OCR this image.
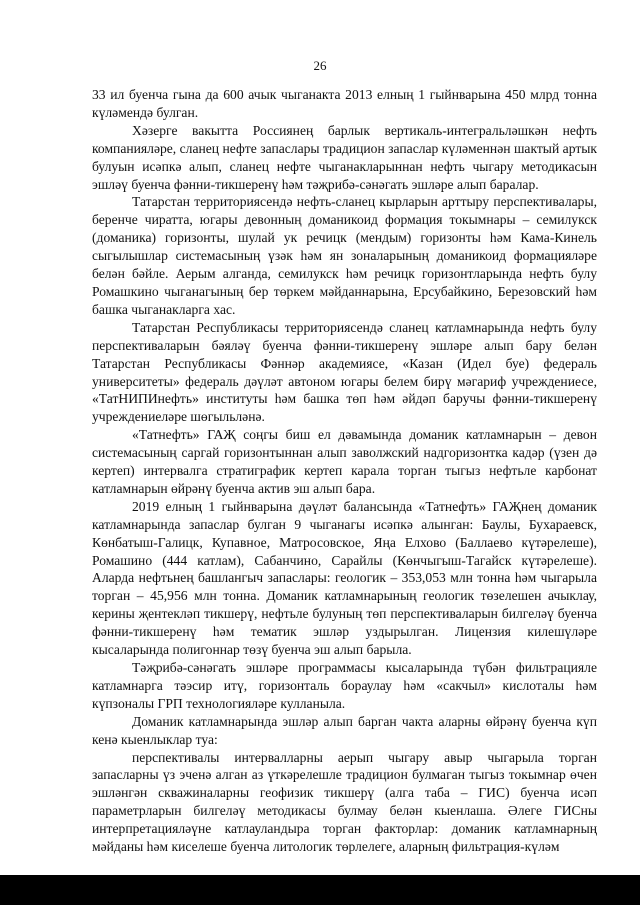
26

33 ил буенча гына да 600 ачык чыганакта 2013 елның 1 гыйнварына 450 млрд тонна күләмендә булган.

Хәзерге вакытта Россиянең барлык вертикаль-интегральләшкән нефть компанияләре, сланец нефте запаслары традицион запаслар күләменнән шактый артык булуын исәпкә алып, сланец нефте чыганакларыннан нефть чыгару методикасын эшләү буенча фәнни-тикшеренү һәм тәҗрибә-сәнәгать эшләре алып баралар.

Татарстан территориясендә нефть-сланец кырларын арттыру перспективалары, беренче чиратта, югары девонның доманикоид формация токымнары – семилукск (доманика) горизонты, шулай ук речицк (мендым) горизонты һәм Кама-Кинель сыгылышлар системасының үзәк һәм ян зоналарының доманикоид формацияләре белән бәйле. Аерым алганда, семилукск һәм речицк горизонтларында нефть булу Ромашкино чыганагының бер төркем мәйданнарына, Ерсубайкино, Березовский һәм башка чыганакларга хас.

Татарстан Республикасы территориясендә сланец катламнарында нефть булу перспективаларын бәяләү буенча фәнни-тикшеренү эшләре алып бару белән Татарстан Республикасы Фәннәр академиясе, «Казан (Идел буе) федераль университеты» федераль дәүләт автоном югары белем бирү мәгариф учреждениесе, «ТатНИПИнефть» институты һәм башка төп һәм әйдәп баручы фәнни-тикшеренү учреждениеләре шөгыльләнә.

«Татнефть» ГАҖ соңгы биш ел дәвамында доманик катламнарын – девон системасының саргай горизонтыннан алып заволжский надгоризонтка кадәр (үзен дә кертеп) интервалга стратиграфик кертеп карала торган тыгыз нефтьле карбонат катламнарын өйрәнү буенча актив эш алып бара.

2019 елның 1 гыйнварына дәүләт балансында «Татнефть» ГАҖнең доманик катламнарында запаслар булган 9 чыганагы исәпкә алынган: Баулы, Бухараевск, Көнбатыш-Галицк, Купавное, Матросовское, Яңа Елхово (Баллаево күтәрелеше), Ромашино (444 катлам), Сабанчино, Сарайлы (Көнчыгыш-Тагайск күтәрелеше). Аларда нефтьнең башлангыч запаслары: геологик – 353,053 млн тонна һәм чыгарыла торган – 45,956 млн тонна. Доманик катламнарының геологик төзелешен ачыклау, керины җентекләп тикшерү, нефтьле булуның төп перспективаларын билгеләү буенча фәнни-тикшеренү һәм тематик эшләр уздырылган. Лицензия килешүләре кысаларында полигоннар төзү буенча эш алып барыла.

Тәҗрибә-сәнәгать эшләре программасы кысаларында түбән фильтрацияле катламнарга тәэсир итү, горизонталь бораулау һәм «сакчыл» кислоталы һәм күпзоналы ГРП технологияләре кулланыла.

Доманик катламнарында эшләр алып барган чакта аларны өйрәнү буенча күп кенә кыенлыклар туа:

перспективалы интервалларны аерып чыгару авыр чыгарыла торган запасларны үз эченә алган аз үткәрелешле традицион булмаган тыгыз токымнар өчен эшләнгән скважиналарны геофизик тикшерү (алга таба – ГИС) буенча исәп параметрларын билгеләү методикасы булмау белән кыенлаша. Әлеге ГИСны интерпретацияләүне катлауландыра торган факторлар: доманик катламнарның мәйданы һәм киселеше буенча литологик төрлелеге, аларның фильтрация-күләм
